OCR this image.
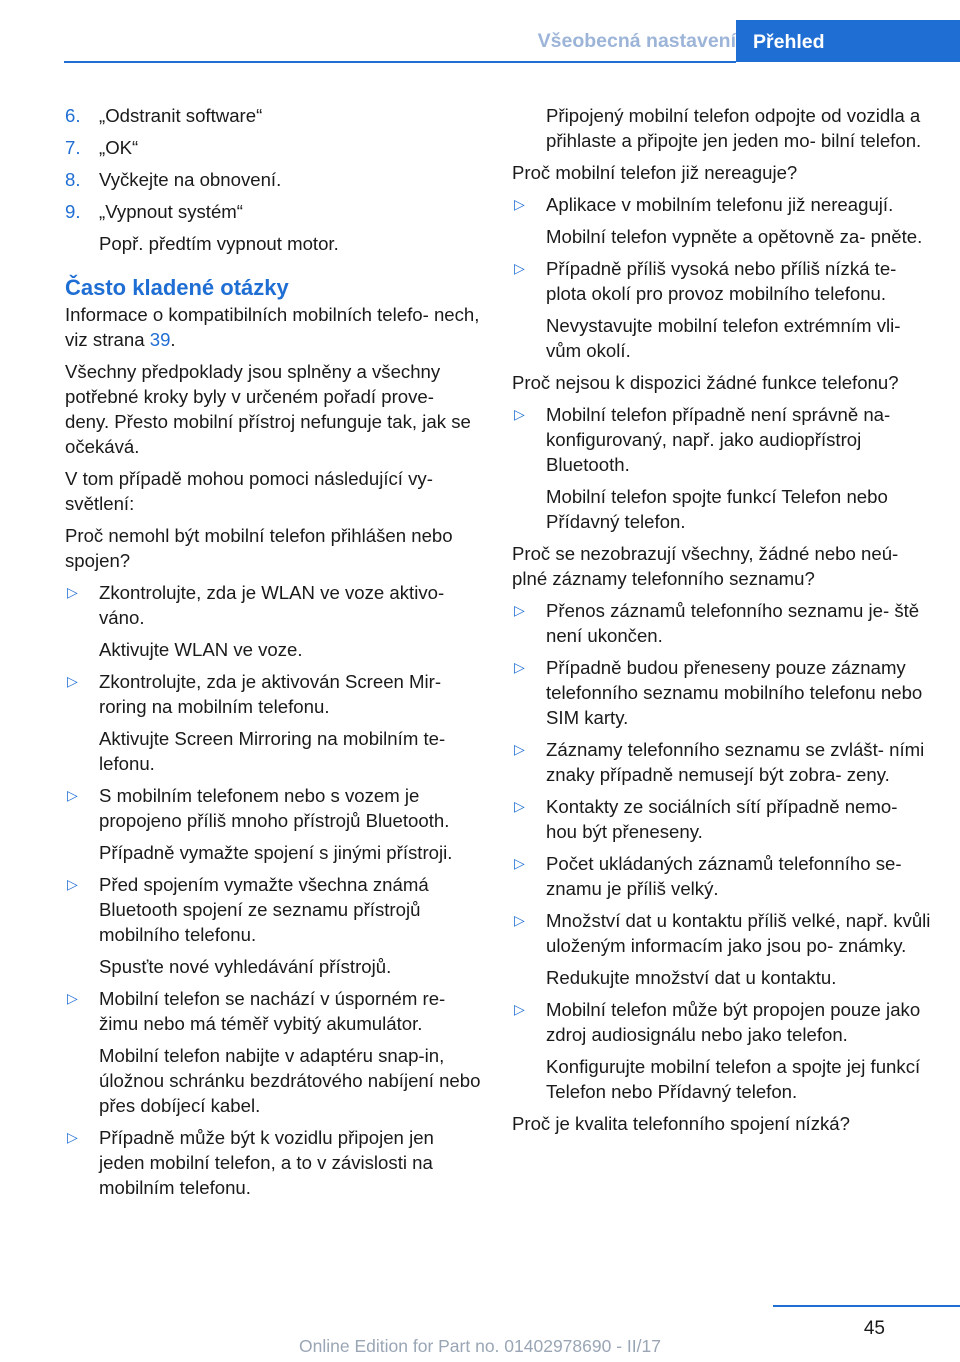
Všeobecná nastavení Přehled
6. „Odstranit software“

7. „OK“

8. Vyčkejte na obnovení.

9. „Vypnout systém“

Popř. předtím vypnout motor.

Často kladené otázky

Informace o kompatibilních mobilních telefo‐ nech, viz strana 39.

Všechny předpoklady jsou splněny a všechny potřebné kroky byly v určeném pořadí prove‐ deny. Přesto mobilní přístroj nefunguje tak, jak se očekává.

V tom případě mohou pomoci následující vy‐ světlení:

Proč nemohl být mobilní telefon přihlášen nebo spojen?

▷ Zkontrolujte, zda je WLAN ve voze aktivo‐ váno.

Aktivujte WLAN ve voze.

▷ Zkontrolujte, zda je aktivován Screen Mir‐ roring na mobilním telefonu.

Aktivujte Screen Mirroring na mobilním te‐ lefonu.

▷ S mobilním telefonem nebo s vozem je propojeno příliš mnoho přístrojů Bluetooth.

Případně vymažte spojení s jinými přístroji.

▷ Před spojením vymažte všechna známá Bluetooth spojení ze seznamu přístrojů mobilního telefonu.

Spusťte nové vyhledávání přístrojů.

▷ Mobilní telefon se nachází v úsporném re‐ žimu nebo má téměř vybitý akumulátor.

Mobilní telefon nabijte v adaptéru snap-in, úložnou schránku bezdrátového nabíjení nebo přes dobíjecí kabel.

▷ Případně může být k vozidlu připojen jen jeden mobilní telefon, a to v závislosti na mobilním telefonu.

Připojený mobilní telefon odpojte od vozidla a přihlaste a připojte jen jeden mo‐ bilní telefon.

Proč mobilní telefon již nereaguje?

▷ Aplikace v mobilním telefonu již nereagují.

Mobilní telefon vypněte a opětovně za‐ pněte.

▷ Případně příliš vysoká nebo příliš nízká te‐ plota okolí pro provoz mobilního telefonu.

Nevystavujte mobilní telefon extrémním vli‐ vům okolí.

Proč nejsou k dispozici žádné funkce telefonu?

▷ Mobilní telefon případně není správně na‐ konfigurovaný, např. jako audiopřístroj Bluetooth.

Mobilní telefon spojte funkcí Telefon nebo Přídavný telefon.

Proč se nezobrazují všechny, žádné nebo neú‐ plné záznamy telefonního seznamu?

▷ Přenos záznamů telefonního seznamu je‐ ště není ukončen.

▷ Případně budou přeneseny pouze záznamy telefonního seznamu mobilního telefonu nebo SIM karty.

▷ Záznamy telefonního seznamu se zvlášt‐ ními znaky případně nemusejí být zobra‐ zeny.

▷ Kontakty ze sociálních sítí případně nemo‐ hou být přeneseny.

▷ Počet ukládaných záznamů telefonního se‐ znamu je příliš velký.

▷ Množství dat u kontaktu příliš velké, např. kvůli uloženým informacím jako jsou po‐ známky.

Redukujte množství dat u kontaktu.

▷ Mobilní telefon může být propojen pouze jako zdroj audiosignálu nebo jako telefon.

Konfigurujte mobilní telefon a spojte jej funkcí Telefon nebo Přídavný telefon.

Proč je kvalita telefonního spojení nízká?

45
Online Edition for Part no. 01402978690 - II/17
